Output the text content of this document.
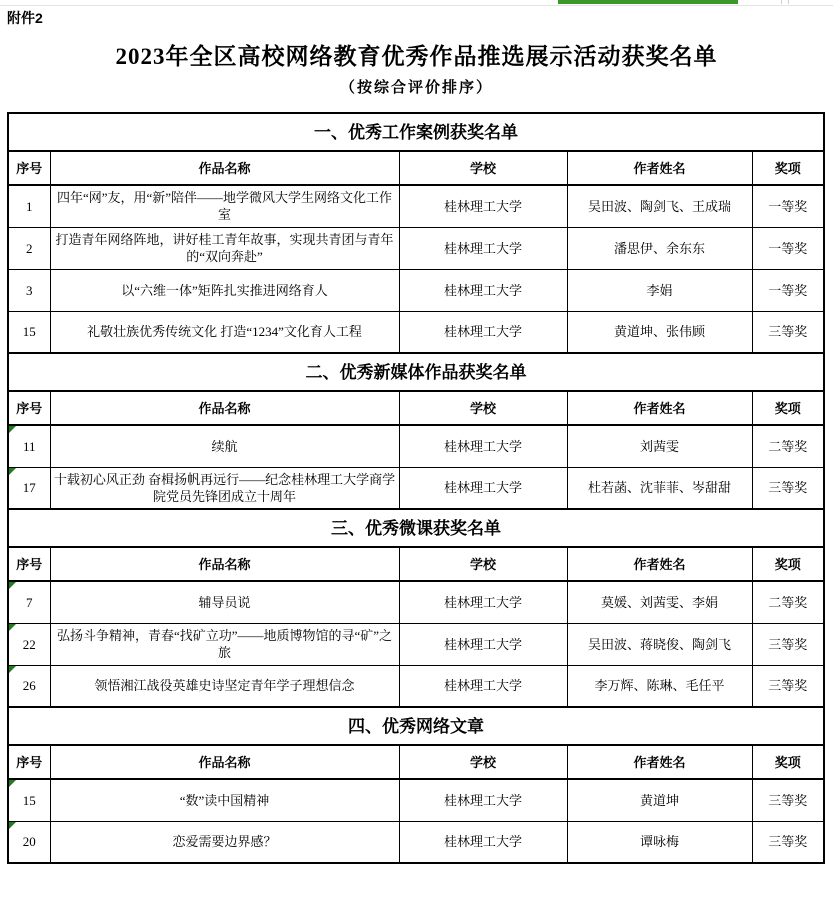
附件2
2023年全区高校网络教育优秀作品推选展示活动获奖名单
（按综合评价排序）
一、优秀工作案例获奖名单				
序号	作品名称	学校	作者姓名	奖项
1	四年“网”友，用“新”陪伴——地学微风大学生网络文化工作室	桂林理工大学	吴田波、陶剑飞、王成瑞	一等奖
2	打造青年网络阵地，讲好桂工青年故事，实现共青团与青年的“双向奔赴”	桂林理工大学	潘思伊、余东东	一等奖
3	以“六维一体”矩阵扎实推进网络育人	桂林理工大学	李娟	一等奖
15	礼敬壮族优秀传统文化 打造“1234”文化育人工程	桂林理工大学	黄道坤、张伟顾	三等奖
二、优秀新媒体作品获奖名单				
序号	作品名称	学校	作者姓名	奖项

11	续航	桂林理工大学	刘茜雯	二等奖

17	十载初心风正劲 奋楫扬帆再远行——纪念桂林理工大学商学院党员先锋团成立十周年	桂林理工大学	杜若菡、沈菲菲、岑甜甜	三等奖
三、优秀微课获奖名单				
序号	作品名称	学校	作者姓名	奖项

7	辅导员说	桂林理工大学	莫媛、刘茜雯、李娟	二等奖

22	弘扬斗争精神，青春“找矿立功”——地质博物馆的寻“矿”之旅	桂林理工大学	吴田波、蒋晓俊、陶剑飞	三等奖

26	领悟湘江战役英雄史诗坚定青年学子理想信念	桂林理工大学	李万辉、陈琳、毛任平	三等奖
四、优秀网络文章				
序号	作品名称	学校	作者姓名	奖项

15	“数”读中国精神	桂林理工大学	黄道坤	三等奖

20	恋爱需要边界感？	桂林理工大学	谭咏梅	三等奖
